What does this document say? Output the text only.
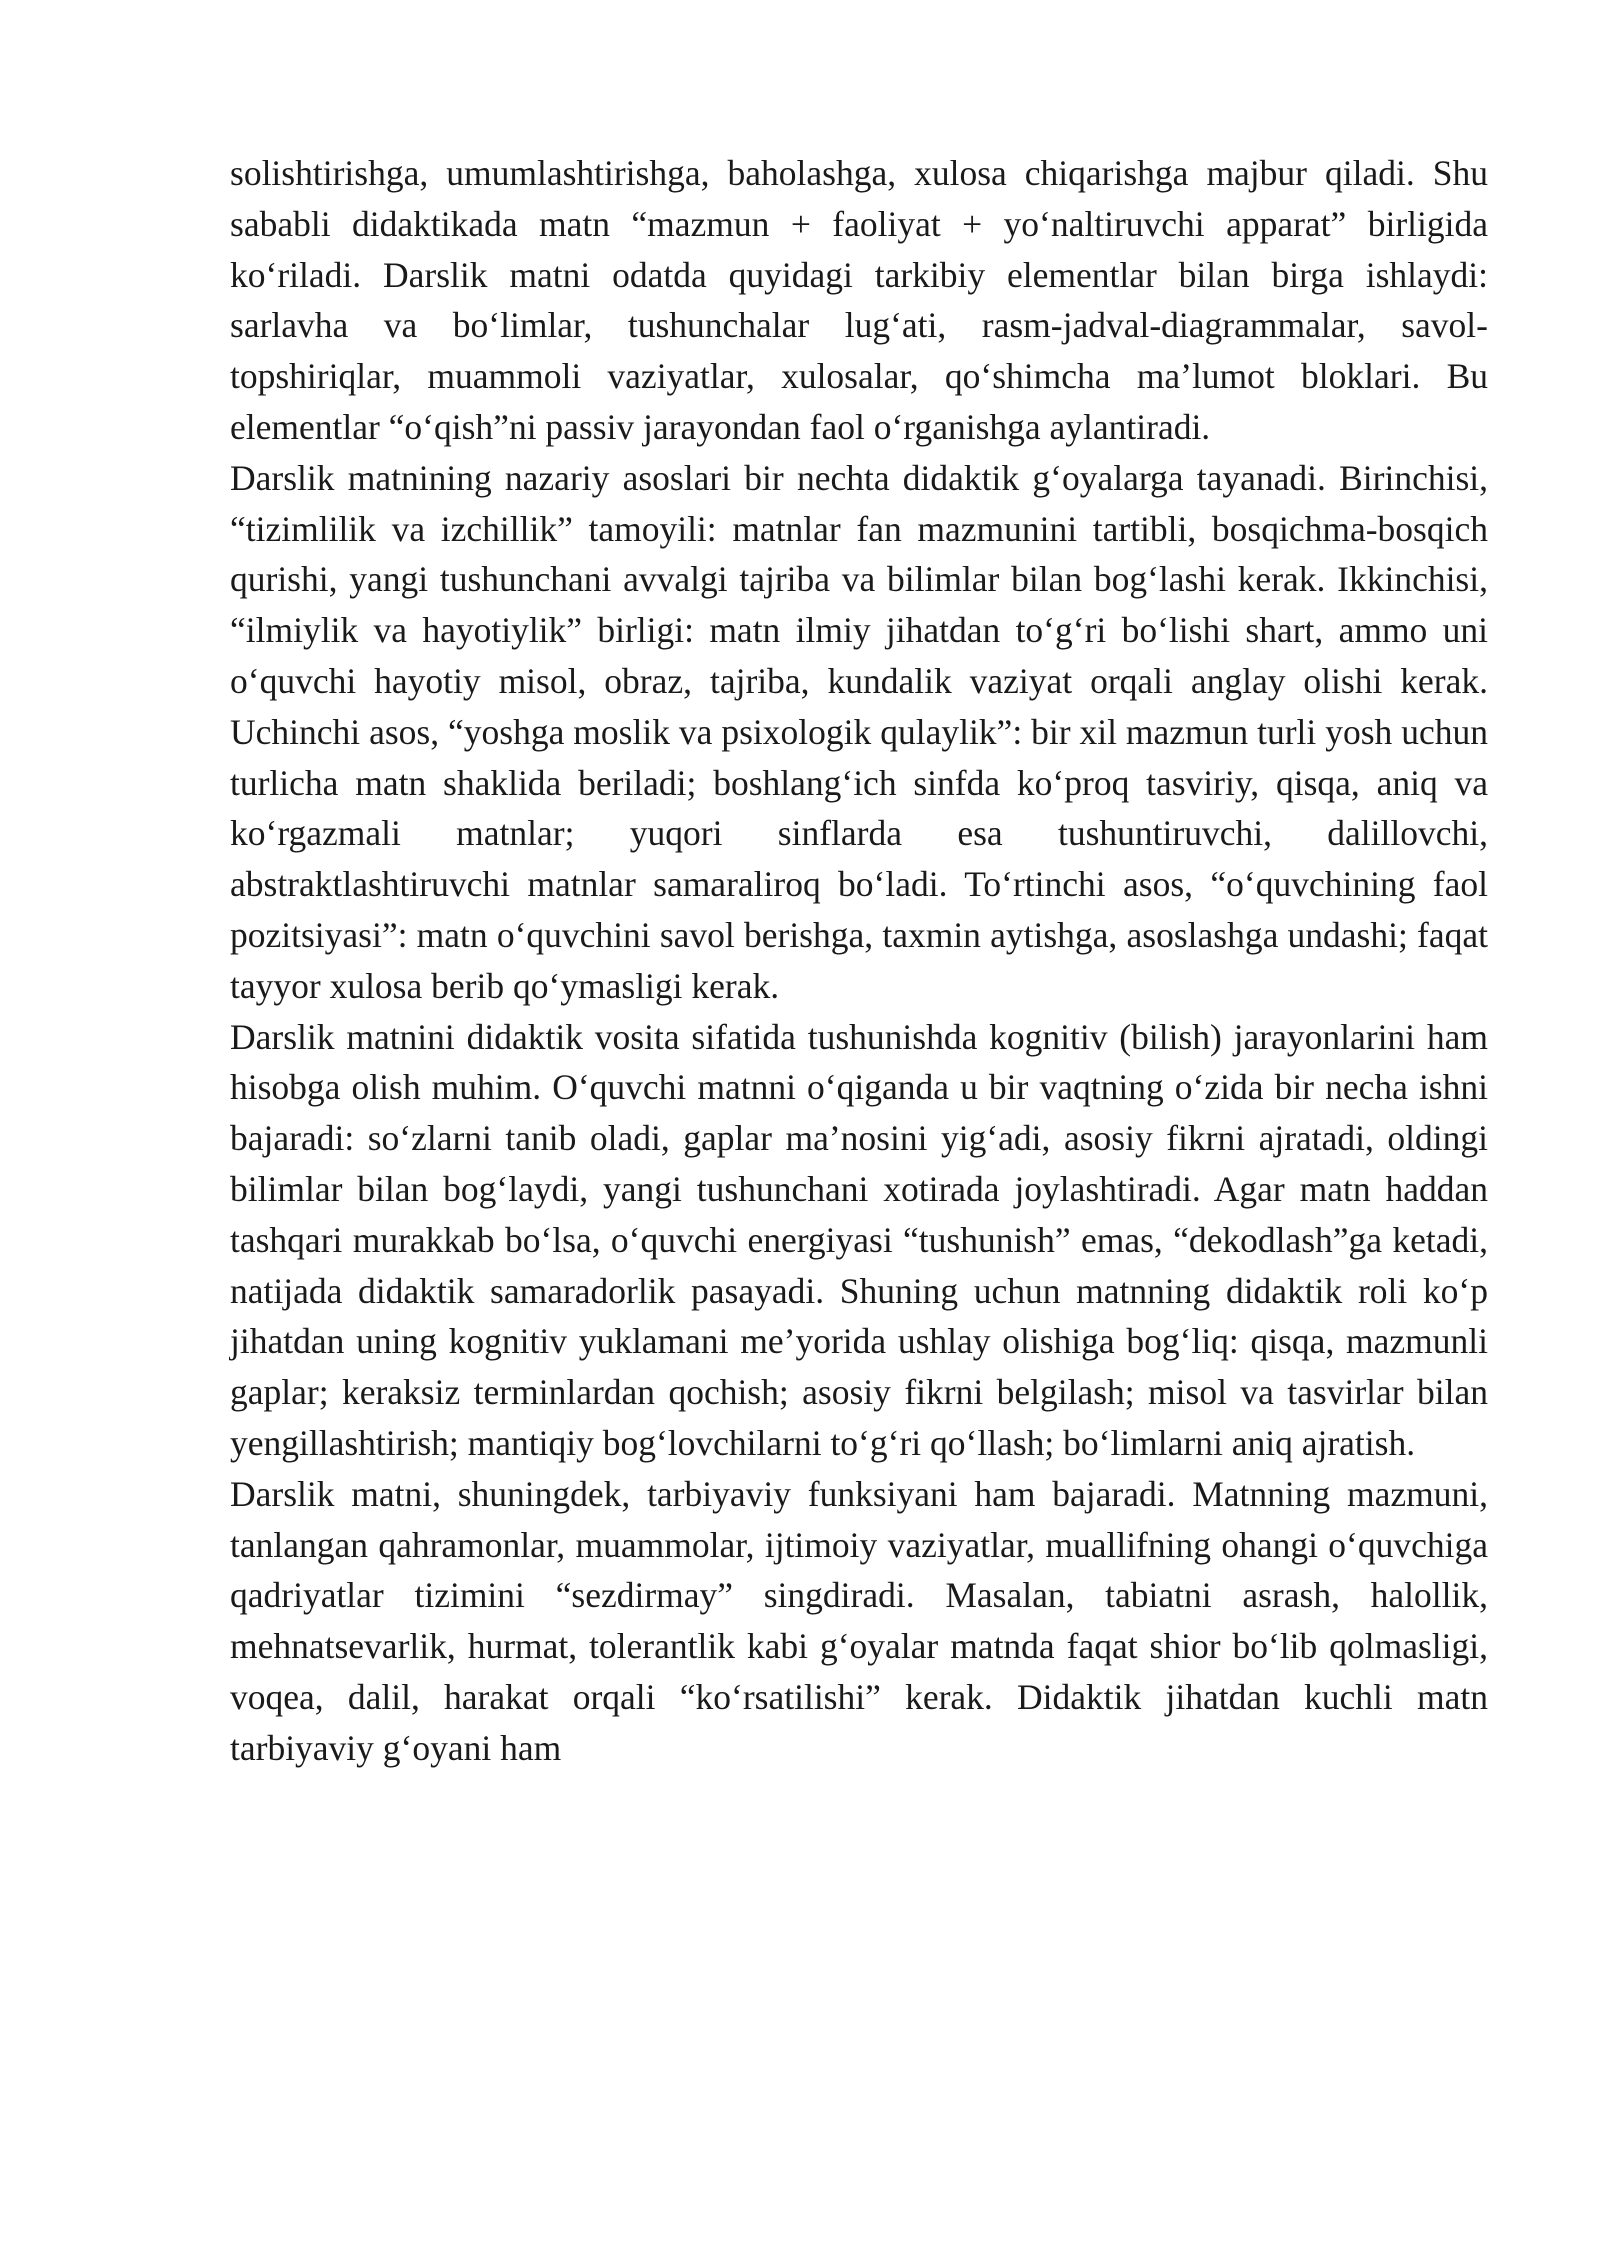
solishtirishga, umumlashtirishga, baholashga, xulosa chiqarishga majbur qiladi. Shu sababli didaktikada matn “mazmun + faoliyat + yo‘naltiruvchi apparat” birligida ko‘riladi. Darslik matni odatda quyidagi tarkibiy elementlar bilan birga ishlaydi: sarlavha va bo‘limlar, tushunchalar lug‘ati, rasm-jadval-diagrammalar, savol-topshiriqlar, muammoli vaziyatlar, xulosalar, qo‘shimcha ma’lumot bloklari. Bu elementlar “o‘qish”ni passiv jarayondan faol o‘rganishga aylantiradi.

Darslik matnining nazariy asoslari bir nechta didaktik g‘oyalarga tayanadi. Birinchisi, “tizimlilik va izchillik” tamoyili: matnlar fan mazmunini tartibli, bosqichma-bosqich qurishi, yangi tushunchani avvalgi tajriba va bilimlar bilan bog‘lashi kerak. Ikkinchisi, “ilmiylik va hayotiylik” birligi: matn ilmiy jihatdan to‘g‘ri bo‘lishi shart, ammo uni o‘quvchi hayotiy misol, obraz, tajriba, kundalik vaziyat orqali anglay olishi kerak. Uchinchi asos, “yoshga moslik va psixologik qulaylik”: bir xil mazmun turli yosh uchun turlicha matn shaklida beriladi; boshlang‘ich sinfda ko‘proq tasviriy, qisqa, aniq va ko‘rgazmali matnlar; yuqori sinflarda esa tushuntiruvchi, dalillovchi, abstraktlashtiruvchi matnlar samaraliroq bo‘ladi. To‘rtinchi asos, “o‘quvchining faol pozitsiyasi”: matn o‘quvchini savol berishga, taxmin aytishga, asoslashga undashi; faqat tayyor xulosa berib qo‘ymasligi kerak.

Darslik matnini didaktik vosita sifatida tushunishda kognitiv (bilish) jarayonlarini ham hisobga olish muhim. O‘quvchi matnni o‘qiganda u bir vaqtning o‘zida bir necha ishni bajaradi: so‘zlarni tanib oladi, gaplar ma’nosini yig‘adi, asosiy fikrni ajratadi, oldingi bilimlar bilan bog‘laydi, yangi tushunchani xotirada joylashtiradi. Agar matn haddan tashqari murakkab bo‘lsa, o‘quvchi energiyasi “tushunish” emas, “dekodlash”ga ketadi, natijada didaktik samaradorlik pasayadi. Shuning uchun matnning didaktik roli ko‘p jihatdan uning kognitiv yuklamani me’yorida ushlay olishiga bog‘liq: qisqa, mazmunli gaplar; keraksiz terminlardan qochish; asosiy fikrni belgilash; misol va tasvirlar bilan yengillashtirish; mantiqiy bog‘lovchilarni to‘g‘ri qo‘llash; bo‘limlarni aniq ajratish.

Darslik matni, shuningdek, tarbiyaviy funksiyani ham bajaradi. Matnning mazmuni, tanlangan qahramonlar, muammolar, ijtimoiy vaziyatlar, muallifning ohangi o‘quvchiga qadriyatlar tizimini “sezdirmay” singdiradi. Masalan, tabiatni asrash, halollik, mehnatsevarlik, hurmat, tolerantlik kabi g‘oyalar matnda faqat shior bo‘lib qolmasligi, voqea, dalil, harakat orqali “ko‘rsatilishi” kerak. Didaktik jihatdan kuchli matn tarbiyaviy g‘oyani ham
